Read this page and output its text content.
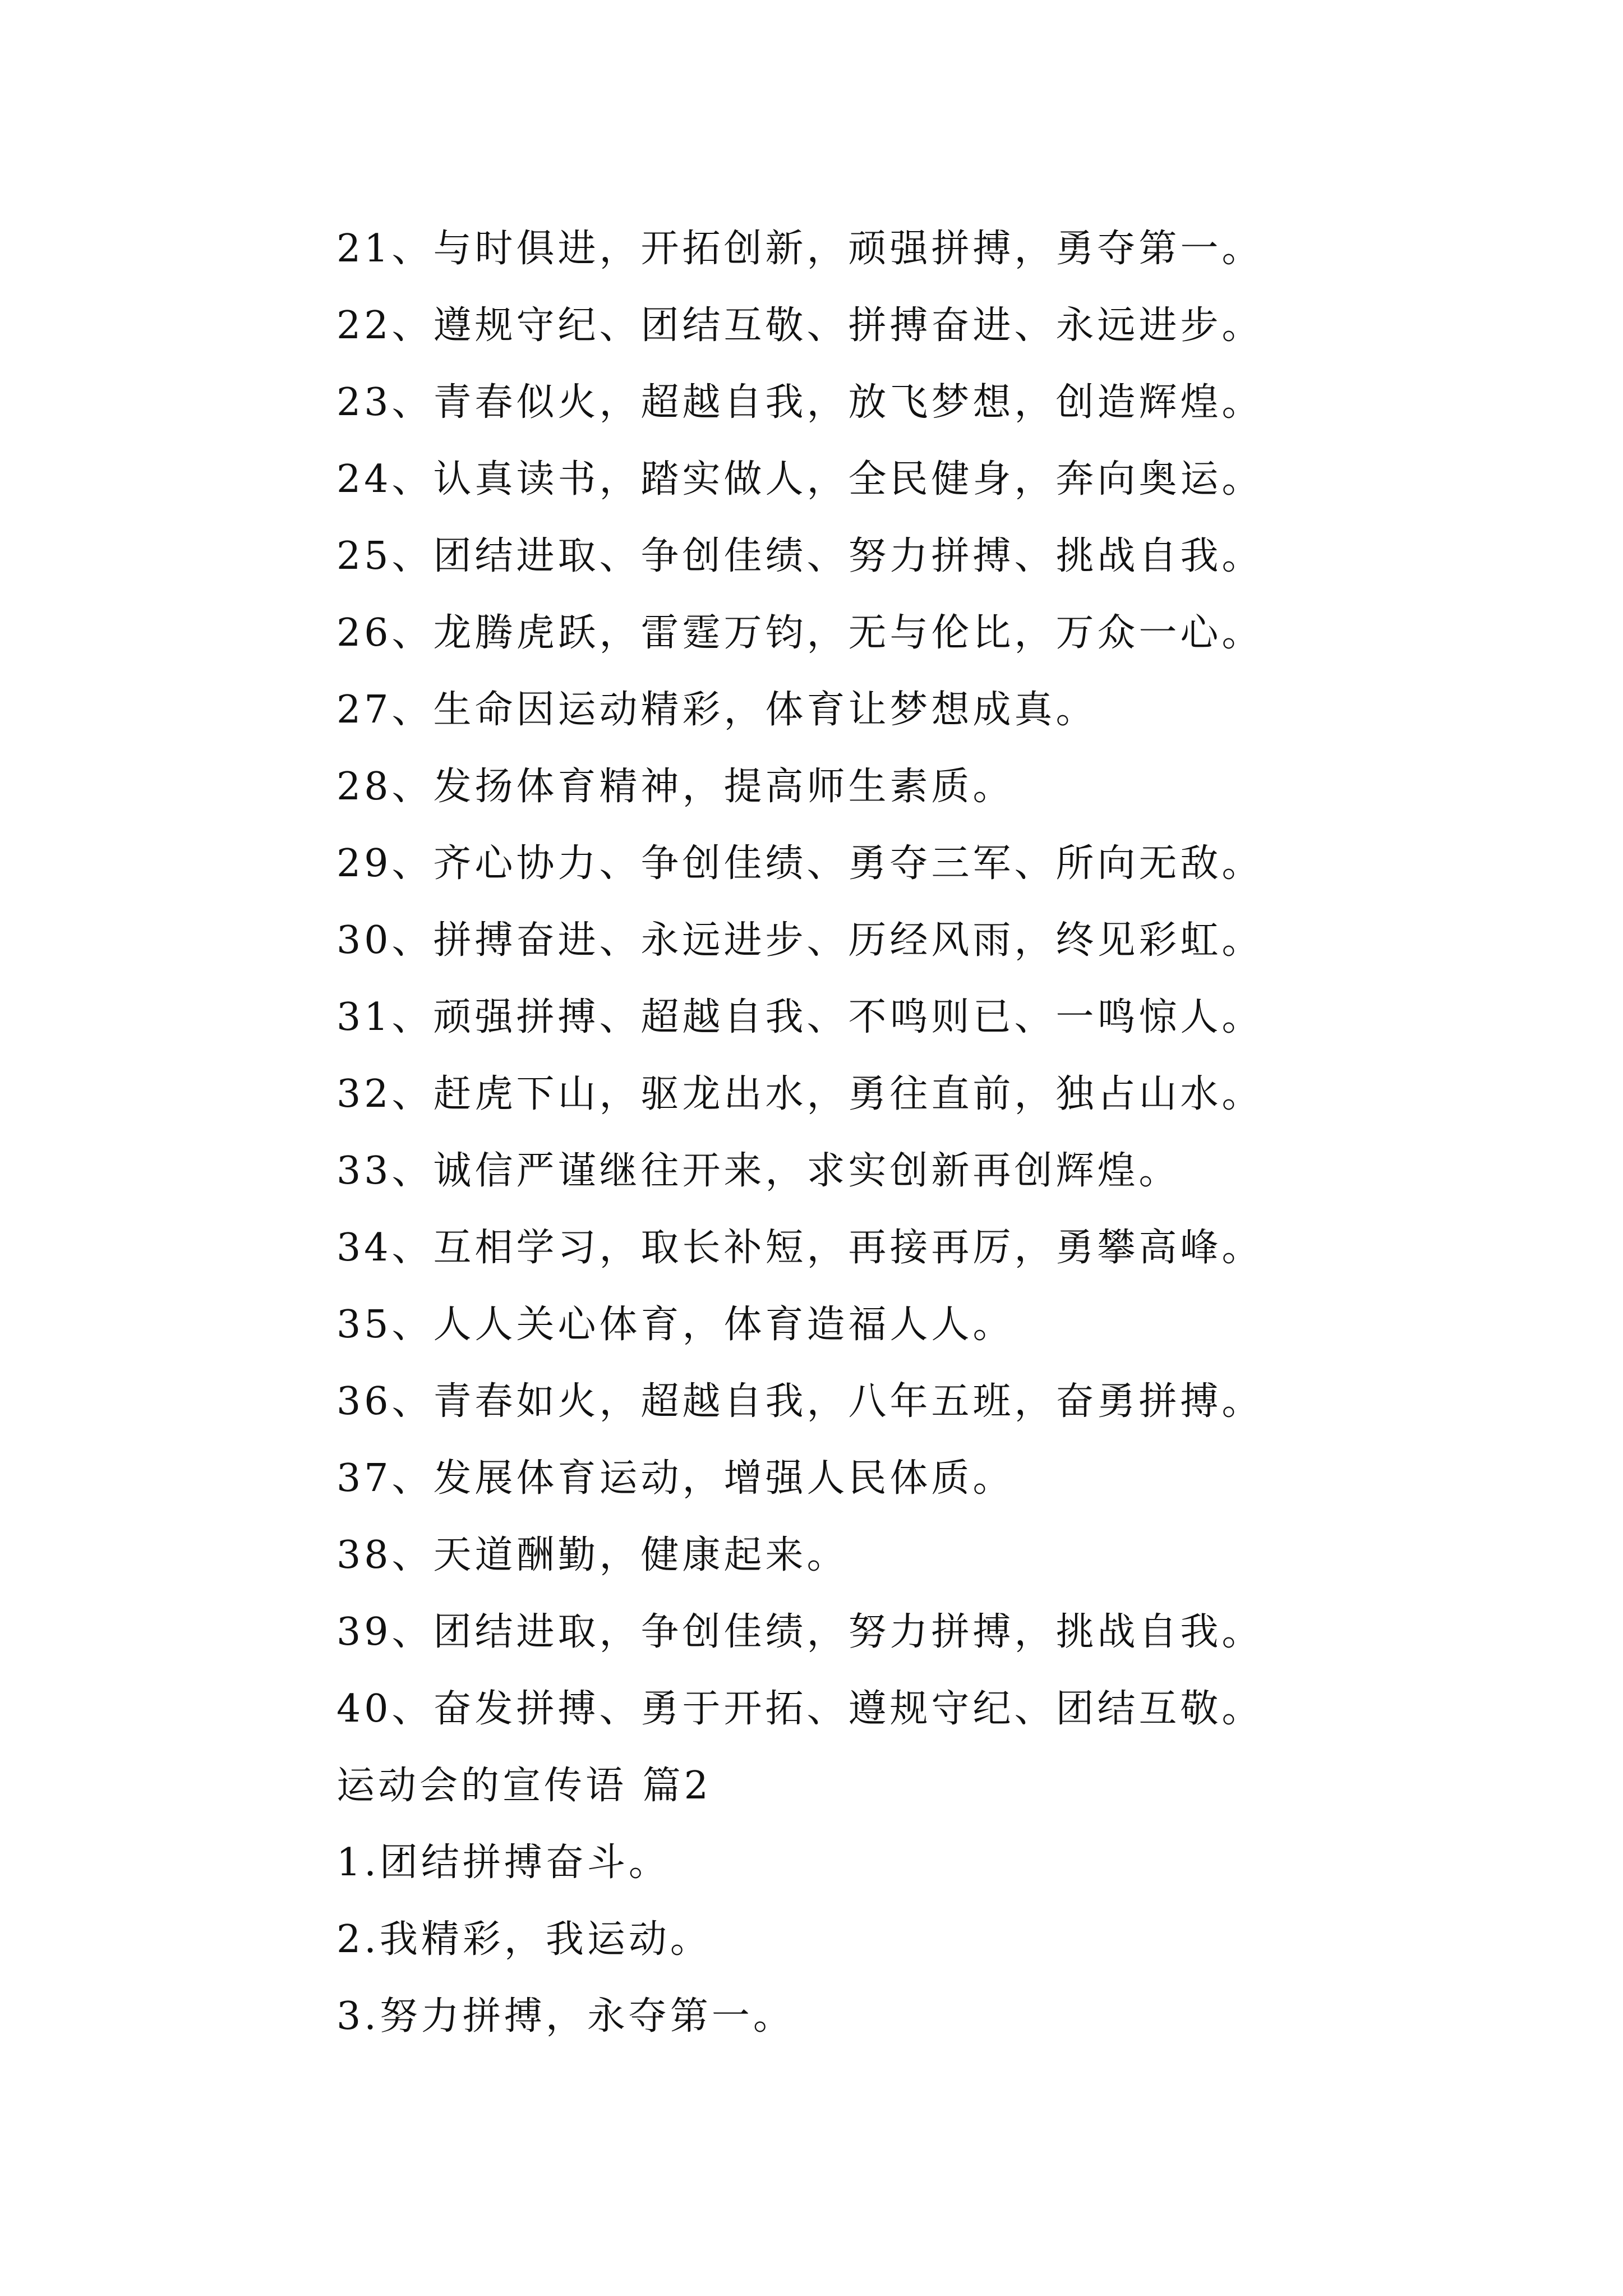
21、与时俱进，开拓创新，顽强拼搏，勇夺第一。
22、遵规守纪、团结互敬、拼搏奋进、永远进步。
23、青春似火，超越自我，放飞梦想，创造辉煌。
24、认真读书，踏实做人，全民健身，奔向奥运。
25、团结进取、争创佳绩、努力拼搏、挑战自我。
26、龙腾虎跃，雷霆万钧，无与伦比，万众一心。
27、生命因运动精彩，体育让梦想成真。
28、发扬体育精神，提高师生素质。
29、齐心协力、争创佳绩、勇夺三军、所向无敌。
30、拼搏奋进、永远进步、历经风雨，终见彩虹。
31、顽强拼搏、超越自我、不鸣则已、一鸣惊人。
32、赶虎下山，驱龙出水，勇往直前，独占山水。
33、诚信严谨继往开来，求实创新再创辉煌。
34、互相学习，取长补短，再接再厉，勇攀高峰。
35、人人关心体育，体育造福人人。
36、青春如火，超越自我，八年五班，奋勇拼搏。
37、发展体育运动，增强人民体质。
38、天道酬勤，健康起来。
39、团结进取，争创佳绩，努力拼搏，挑战自我。
40、奋发拼搏、勇于开拓、遵规守纪、团结互敬。
运动会的宣传语 篇2
1.团结拼搏奋斗。
2.我精彩，我运动。
3.努力拼搏，永夺第一。
